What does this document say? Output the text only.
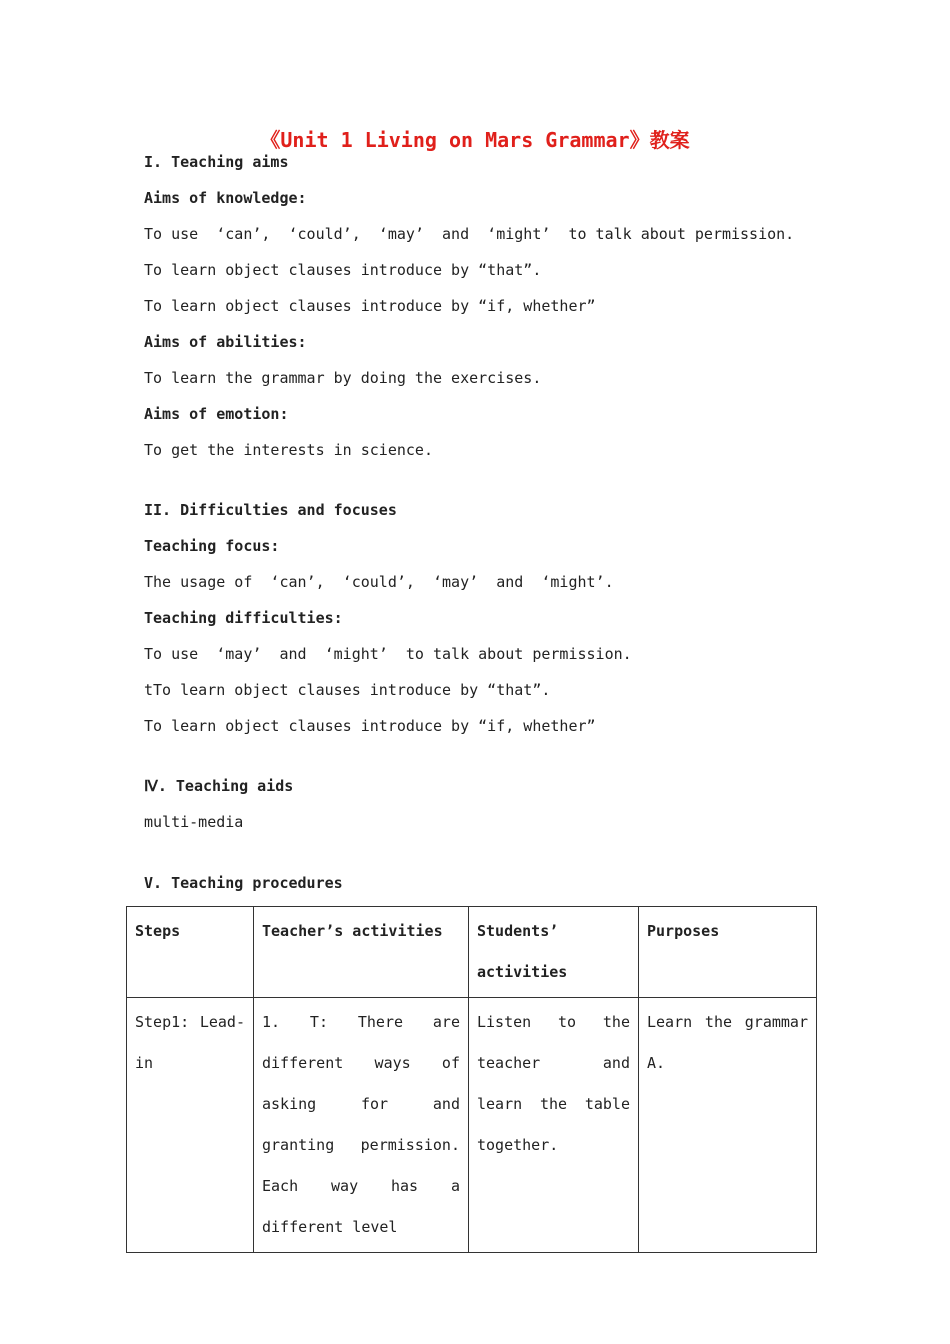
《Unit 1 Living on Mars Grammar》教案
I. Teaching aims
Aims of knowledge:
To use  ‘can’,  ‘could’,  ‘may’  and  ‘might’  to talk about permission.
To learn object clauses introduce by “that”.
To learn object clauses introduce by “if, whether”
Aims of abilities:
To learn the grammar by doing the exercises.
Aims of emotion:
To get the interests in science.
II. Difficulties and focuses
Teaching focus:
The usage of  ‘can’,  ‘could’,  ‘may’  and  ‘might’.
Teaching difficulties:
To use  ‘may’  and  ‘might’  to talk about permission.
tTo learn object clauses introduce by “that”.
To learn object clauses introduce by “if, whether”
Ⅳ. Teaching aids
multi-media
V. Teaching procedures
Steps	Teacher’s activities	Students’ activities	Purposes
Step1: Lead-in	1. T: There are different ways of asking for and granting permission. Each way has a different level	Listen to the teacher and learn the table together.	Learn the grammar A.
